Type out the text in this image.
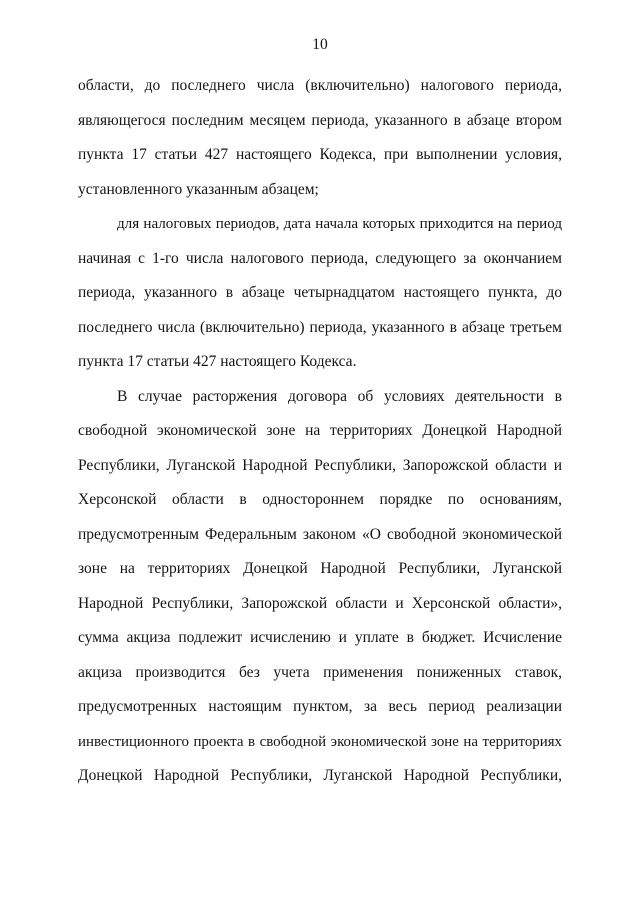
10
области, до последнего числа (включительно) налогового периода,
являющегося последним месяцем периода, указанного в абзаце втором
пункта 17 статьи 427 настоящего Кодекса, при выполнении условия,
установленного указанным абзацем;
для налоговых периодов, дата начала которых приходится на период
начиная с 1-го числа налогового периода, следующего за окончанием
периода, указанного в абзаце четырнадцатом настоящего пункта, до
последнего числа (включительно) периода, указанного в абзаце третьем
пункта 17 статьи 427 настоящего Кодекса.
В случае расторжения договора об условиях деятельности в
свободной экономической зоне на территориях Донецкой Народной
Республики, Луганской Народной Республики, Запорожской области и
Херсонской области в одностороннем порядке по основаниям,
предусмотренным Федеральным законом «О свободной экономической
зоне на территориях Донецкой Народной Республики, Луганской
Народной Республики, Запорожской области и Херсонской области»,
сумма акциза подлежит исчислению и уплате в бюджет. Исчисление
акциза производится без учета применения пониженных ставок,
предусмотренных настоящим пунктом, за весь период реализации
инвестиционного проекта в свободной экономической зоне на территориях
Донецкой Народной Республики, Луганской Народной Республики,
